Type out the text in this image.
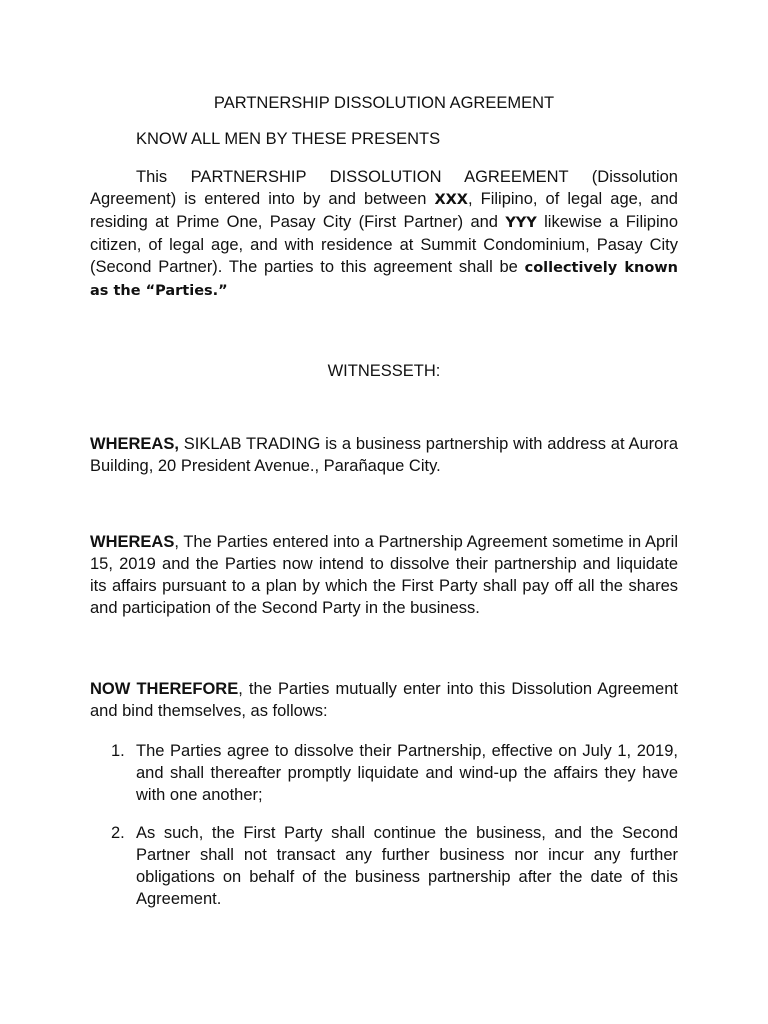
PARTNERSHIP DISSOLUTION AGREEMENT

KNOW ALL MEN BY THESE PRESENTS

This PARTNERSHIP DISSOLUTION AGREEMENT (Dissolution Agreement) is entered into by and between XXX, Filipino, of legal age, and residing at Prime One, Pasay City (First Partner) and YYY likewise a Filipino citizen, of legal age, and with residence at Summit Condominium, Pasay City (Second Partner). The parties to this agreement shall be collectively known as the “Parties.”

WITNESSETH:

WHEREAS, SIKLAB TRADING is a business partnership with address at Aurora Building, 20 President Avenue., Parañaque City.

WHEREAS, The Parties entered into a Partnership Agreement sometime in April 15, 2019 and the Parties now intend to dissolve their partnership and liquidate its affairs pursuant to a plan by which the First Party shall pay off all the shares and participation of the Second Party in the business.

NOW THEREFORE, the Parties mutually enter into this Dissolution Agreement and bind themselves, as follows:

1. The Parties agree to dissolve their Partnership, effective on July 1, 2019, and shall thereafter promptly liquidate and wind-up the affairs they have with one another;
2. As such, the First Party shall continue the business, and the Second Partner shall not transact any further business nor incur any further obligations on behalf of the business partnership after the date of this Agreement.
